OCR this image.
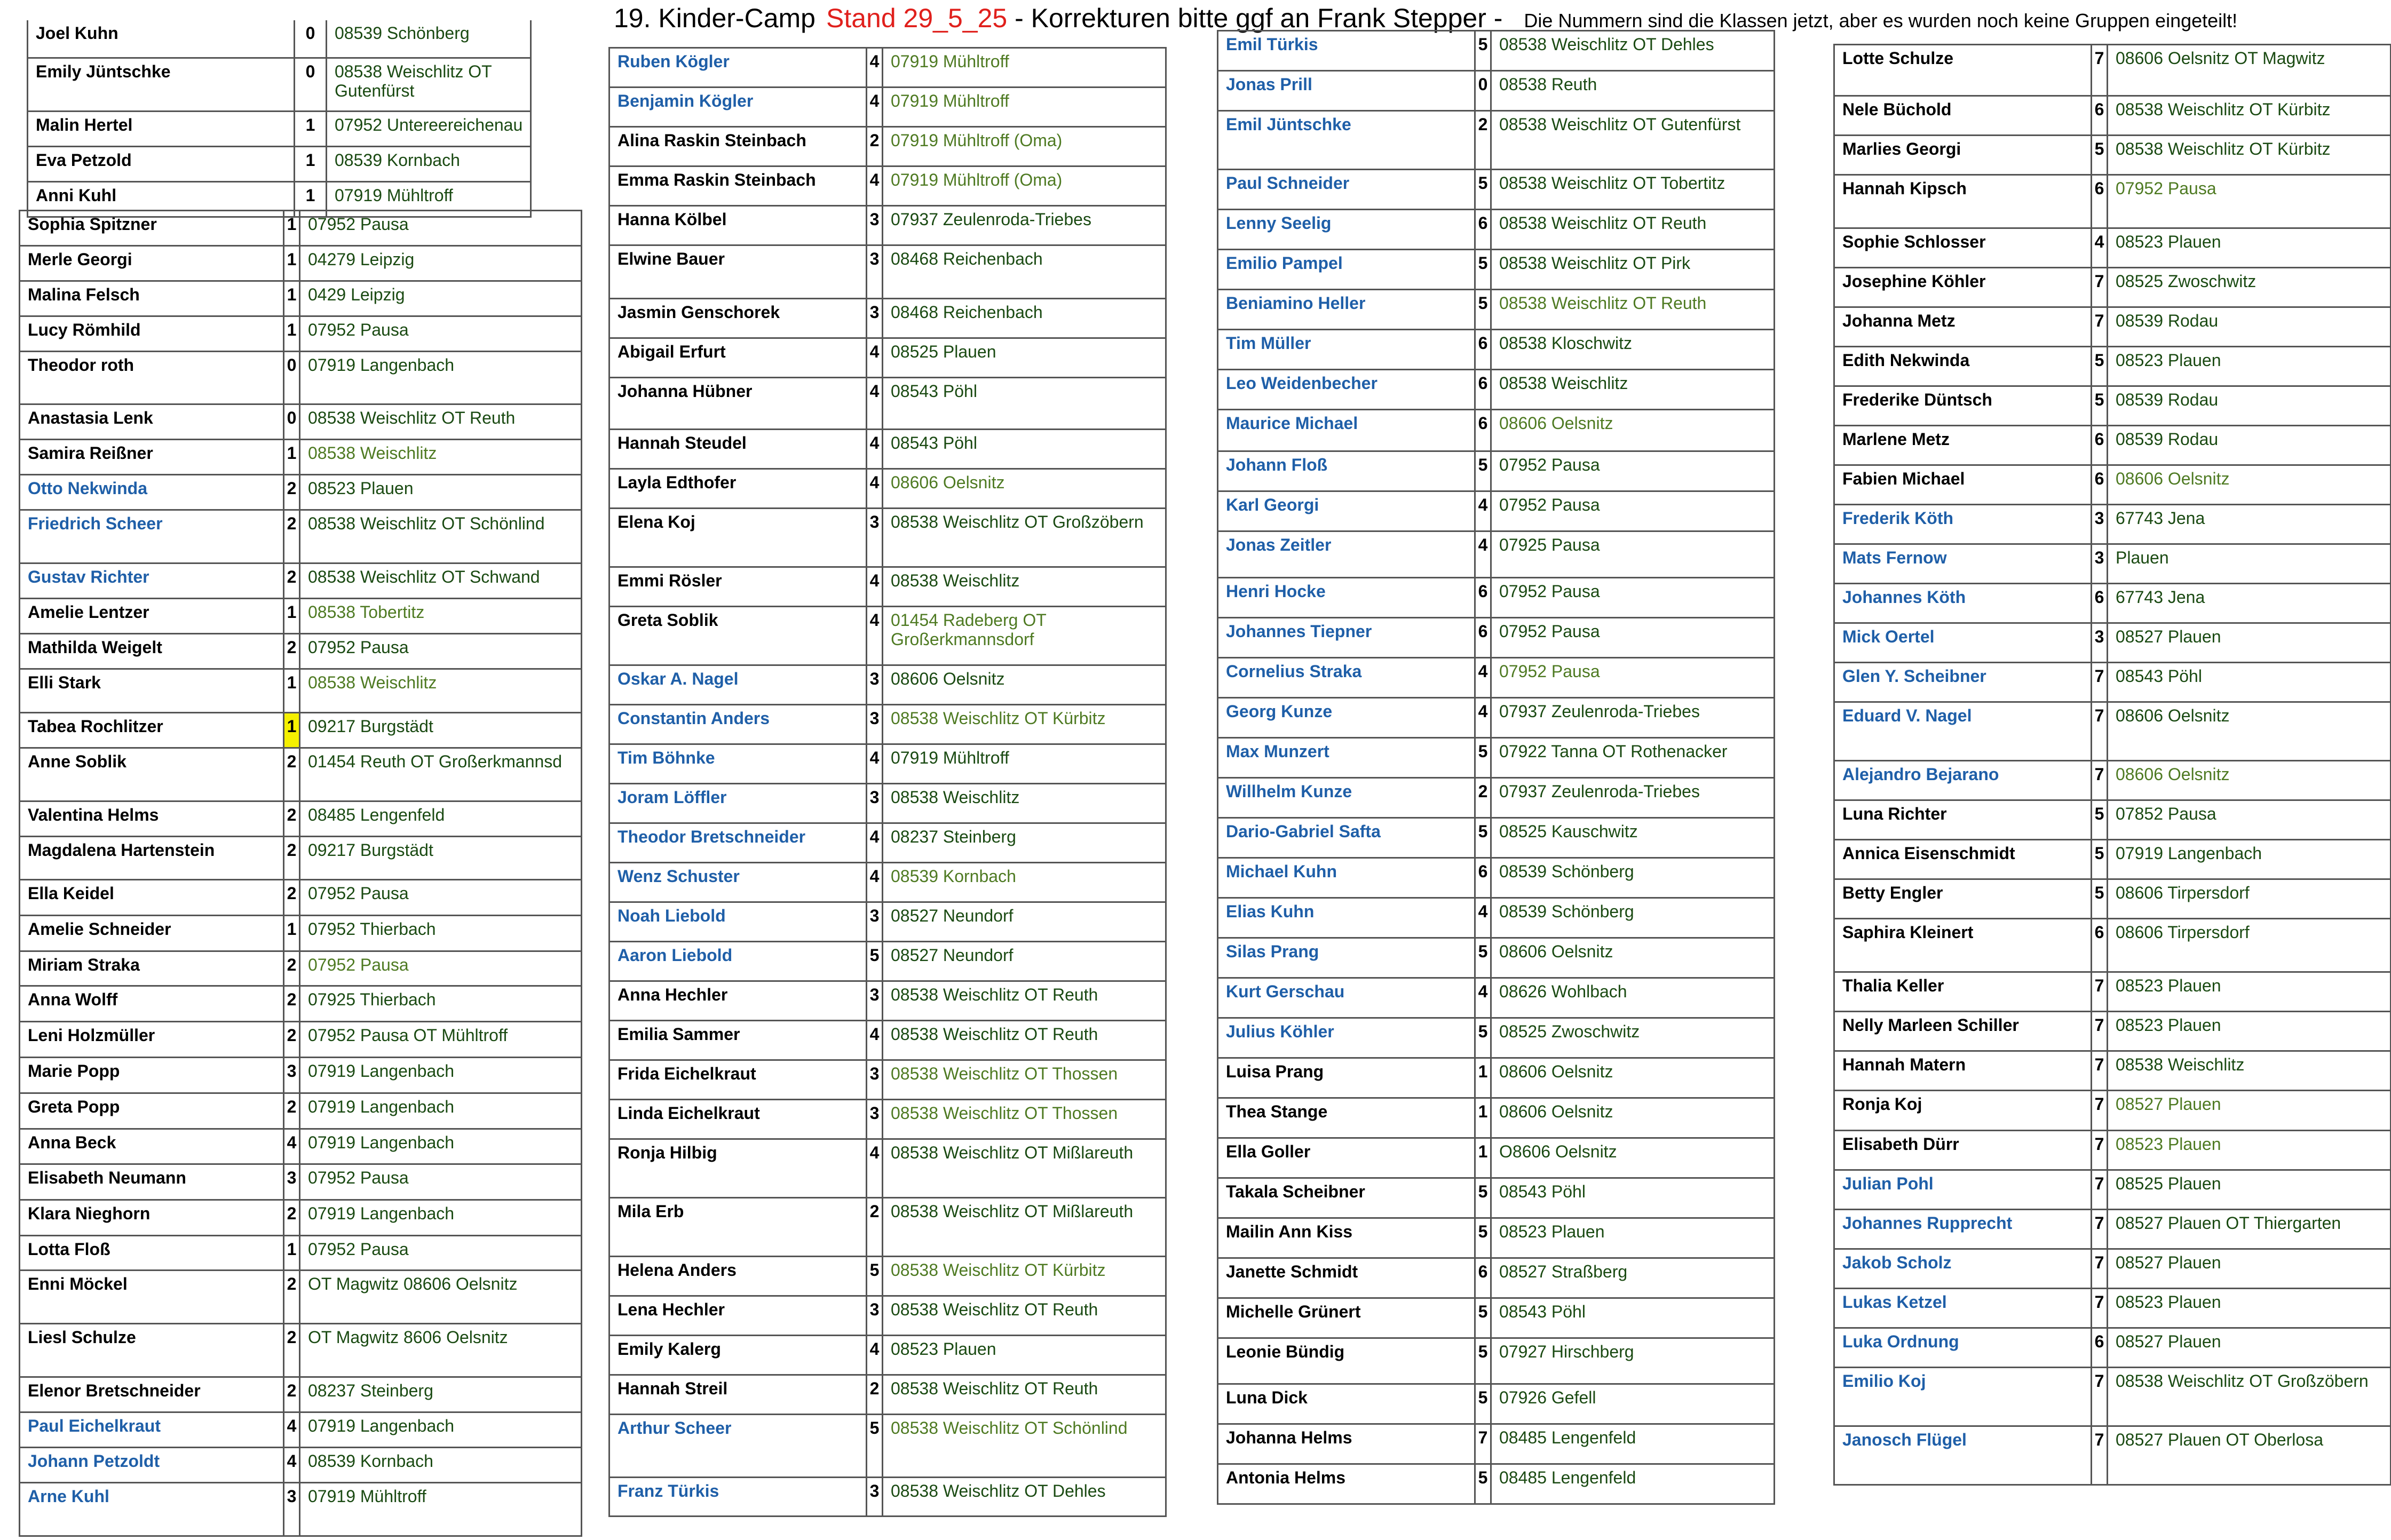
19. Kinder-Camp Stand 29_5_25 - Korrekturen bitte ggf an Frank Stepper - Die Nummern sind die Klassen jetzt, aber es wurden noch keine Gruppen eingeteilt!
Joel Kuhn	0	08539 Schönberg
Emily Jüntschke	0	08538 Weischlitz OT Gutenfürst
Malin Hertel	1	07952 Untereereichenau
Eva Petzold	1	08539 Kornbach
Anni Kuhl	1	07919 Mühltroff
Sophia Spitzner	1 07952 Pausa
Merle Georgi	1 04279 Leipzig
Malina Felsch	1 0429 Leipzig
Lucy Römhild	1 07952 Pausa
Theodor roth	0 07919 Langenbach
Anastasia Lenk	0 08538 Weischlitz OT Reuth
Samira Reißner	1 08538 Weischlitz
Otto Nekwinda	2 08523 Plauen
Friedrich Scheer	2 08538 Weischlitz OT Schönlind
Gustav Richter	2 08538 Weischlitz OT Schwand
Amelie Lentzer	1 08538 Tobertitz
Mathilda Weigelt	2 07952 Pausa
Elli Stark	1 08538 Weischlitz
Tabea Rochlitzer	1 09217 Burgstädt
Anne Soblik	2 01454 Reuth OT Großerkmannsd
Valentina Helms	2 08485 Lengenfeld
Magdalena Hartenstein	2 09217 Burgstädt
Ella Keidel	2 07952 Pausa
Amelie Schneider	1 07952 Thierbach
Miriam Straka	2 07952 Pausa
Anna Wolff	2 07925 Thierbach
Leni Holzmüller	2 07952 Pausa OT Mühltroff
Marie Popp	3 07919 Langenbach
Greta Popp	2 07919 Langenbach
Anna Beck	4 07919 Langenbach
Elisabeth Neumann	3 07952 Pausa
Klara Nieghorn	2 07919 Langenbach
Lotta Floß	1 07952 Pausa
Enni Möckel	2 OT Magwitz 08606 Oelsnitz
Liesl Schulze	2 OT Magwitz 8606 Oelsnitz
Elenor Bretschneider	2 08237 Steinberg
Paul Eichelkraut	4 07919 Langenbach
Johann Petzoldt	4 08539 Kornbach
Arne Kuhl	3 07919 Mühltroff
Ruben Kögler	4 07919 Mühltroff
Benjamin Kögler	4 07919 Mühltroff
Alina Raskin Steinbach	2 07919 Mühltroff (Oma)
Emma Raskin Steinbach	4 07919 Mühltroff (Oma)
Hanna Kölbel	3 07937 Zeulenroda-Triebes
Elwine Bauer	3 08468 Reichenbach
Jasmin Genschorek	3 08468 Reichenbach
Abigail Erfurt	4 08525 Plauen
Johanna Hübner	4 08543 Pöhl
Hannah Steudel	4 08543 Pöhl
Layla Edthofer	4 08606 Oelsnitz
Elena Koj	3 08538 Weischlitz OT Großzöbern
Emmi Rösler	4 08538 Weischlitz
Greta Soblik	4 01454 Radeberg OT Großerkmannsdorf
Oskar A. Nagel	3 08606 Oelsnitz
Constantin Anders	3 08538 Weischlitz OT Kürbitz
Tim Böhnke	4 07919 Mühltroff
Joram Löffler	3 08538 Weischlitz
Theodor Bretschneider	4 08237 Steinberg
Wenz Schuster	4 08539 Kornbach
Noah Liebold	3 08527 Neundorf
Aaron Liebold	5 08527 Neundorf
Anna Hechler	3 08538 Weischlitz OT Reuth
Emilia Sammer	4 08538 Weischlitz OT Reuth
Frida Eichelkraut	3 08538 Weischlitz OT Thossen
Linda Eichelkraut	3 08538 Weischlitz OT Thossen
Ronja Hilbig	4 08538 Weischlitz OT Mißlareuth
Mila Erb	2 08538 Weischlitz OT Mißlareuth
Helena Anders	5 08538 Weischlitz OT Kürbitz
Lena Hechler	3 08538 Weischlitz OT Reuth
Emily Kalerg	4 08523 Plauen
Hannah Streil	2 08538 Weischlitz OT Reuth
Arthur Scheer	5 08538 Weischlitz OT Schönlind
Franz Türkis	3 08538 Weischlitz OT Dehles
Emil Türkis	5 08538 Weischlitz OT Dehles
Jonas Prill	0 08538 Reuth
Emil Jüntschke	2 08538 Weischlitz OT Gutenfürst
Paul Schneider	5 08538 Weischlitz OT Tobertitz
Lenny Seelig	6 08538 Weischlitz OT Reuth
Emilio Pampel	5 08538 Weischlitz OT Pirk
Beniamino Heller	5 08538 Weischlitz OT Reuth
Tim Müller	6 08538 Kloschwitz
Leo Weidenbecher	6 08538 Weischlitz
Maurice Michael	6 08606 Oelsnitz
Johann Floß	5 07952 Pausa
Karl Georgi	4 07952 Pausa
Jonas Zeitler	4 07925 Pausa
Henri Hocke	6 07952 Pausa
Johannes Tiepner	6 07952 Pausa
Cornelius Straka	4 07952 Pausa
Georg Kunze	4 07937 Zeulenroda-Triebes
Max Munzert	5 07922 Tanna OT Rothenacker
Willhelm Kunze	2 07937 Zeulenroda-Triebes
Dario-Gabriel Safta	5 08525 Kauschwitz
Michael Kuhn	6 08539 Schönberg
Elias Kuhn	4 08539 Schönberg
Silas Prang	5 08606 Oelsnitz
Kurt Gerschau	4 08626 Wohlbach
Julius Köhler	5 08525 Zwoschwitz
Luisa Prang	1 08606 Oelsnitz
Thea Stange	1 08606 Oelsnitz
Ella Goller	1 O8606 Oelsnitz
Takala Scheibner	5 08543 Pöhl
Mailin Ann Kiss	5 08523 Plauen
Janette Schmidt	6 08527 Straßberg
Michelle Grünert	5 08543 Pöhl
Leonie Bündig	5 07927 Hirschberg
Luna Dick	5 07926 Gefell
Johanna Helms	7 08485 Lengenfeld
Antonia Helms	5 08485 Lengenfeld
Lotte Schulze	7 08606 Oelsnitz OT Magwitz
Nele Büchold	6 08538 Weischlitz OT Kürbitz
Marlies Georgi	5 08538 Weischlitz OT Kürbitz
Hannah Kipsch	6 07952 Pausa
Sophie Schlosser	4 08523 Plauen
Josephine Köhler	7 08525 Zwoschwitz
Johanna Metz	7 08539 Rodau
Edith Nekwinda	5 08523 Plauen
Frederike Düntsch	5 08539 Rodau
Marlene Metz	6 08539 Rodau
Fabien Michael	6 08606 Oelsnitz
Frederik Köth	3 67743 Jena
Mats Fernow	3 Plauen
Johannes Köth	6 67743 Jena
Mick Oertel	3 08527 Plauen
Glen Y. Scheibner	7 08543 Pöhl
Eduard V. Nagel	7 08606 Oelsnitz
Alejandro Bejarano	7 08606 Oelsnitz
Luna Richter	5 07852 Pausa
Annica Eisenschmidt	5 07919 Langenbach
Betty Engler	5 08606 Tirpersdorf
Saphira Kleinert	6 08606 Tirpersdorf
Thalia Keller	7 08523 Plauen
Nelly Marleen Schiller	7 08523 Plauen
Hannah Matern	7 08538 Weischlitz
Ronja Koj	7 08527 Plauen
Elisabeth Dürr	7 08523 Plauen
Julian Pohl	7 08525 Plauen
Johannes Rupprecht	7 08527 Plauen OT Thiergarten
Jakob Scholz	7 08527 Plauen
Lukas Ketzel	7 08523 Plauen
Luka Ordnung	6 08527 Plauen
Emilio Koj	7 08538 Weischlitz OT Großzöbern
Janosch Flügel	7 08527 Plauen OT Oberlosa
